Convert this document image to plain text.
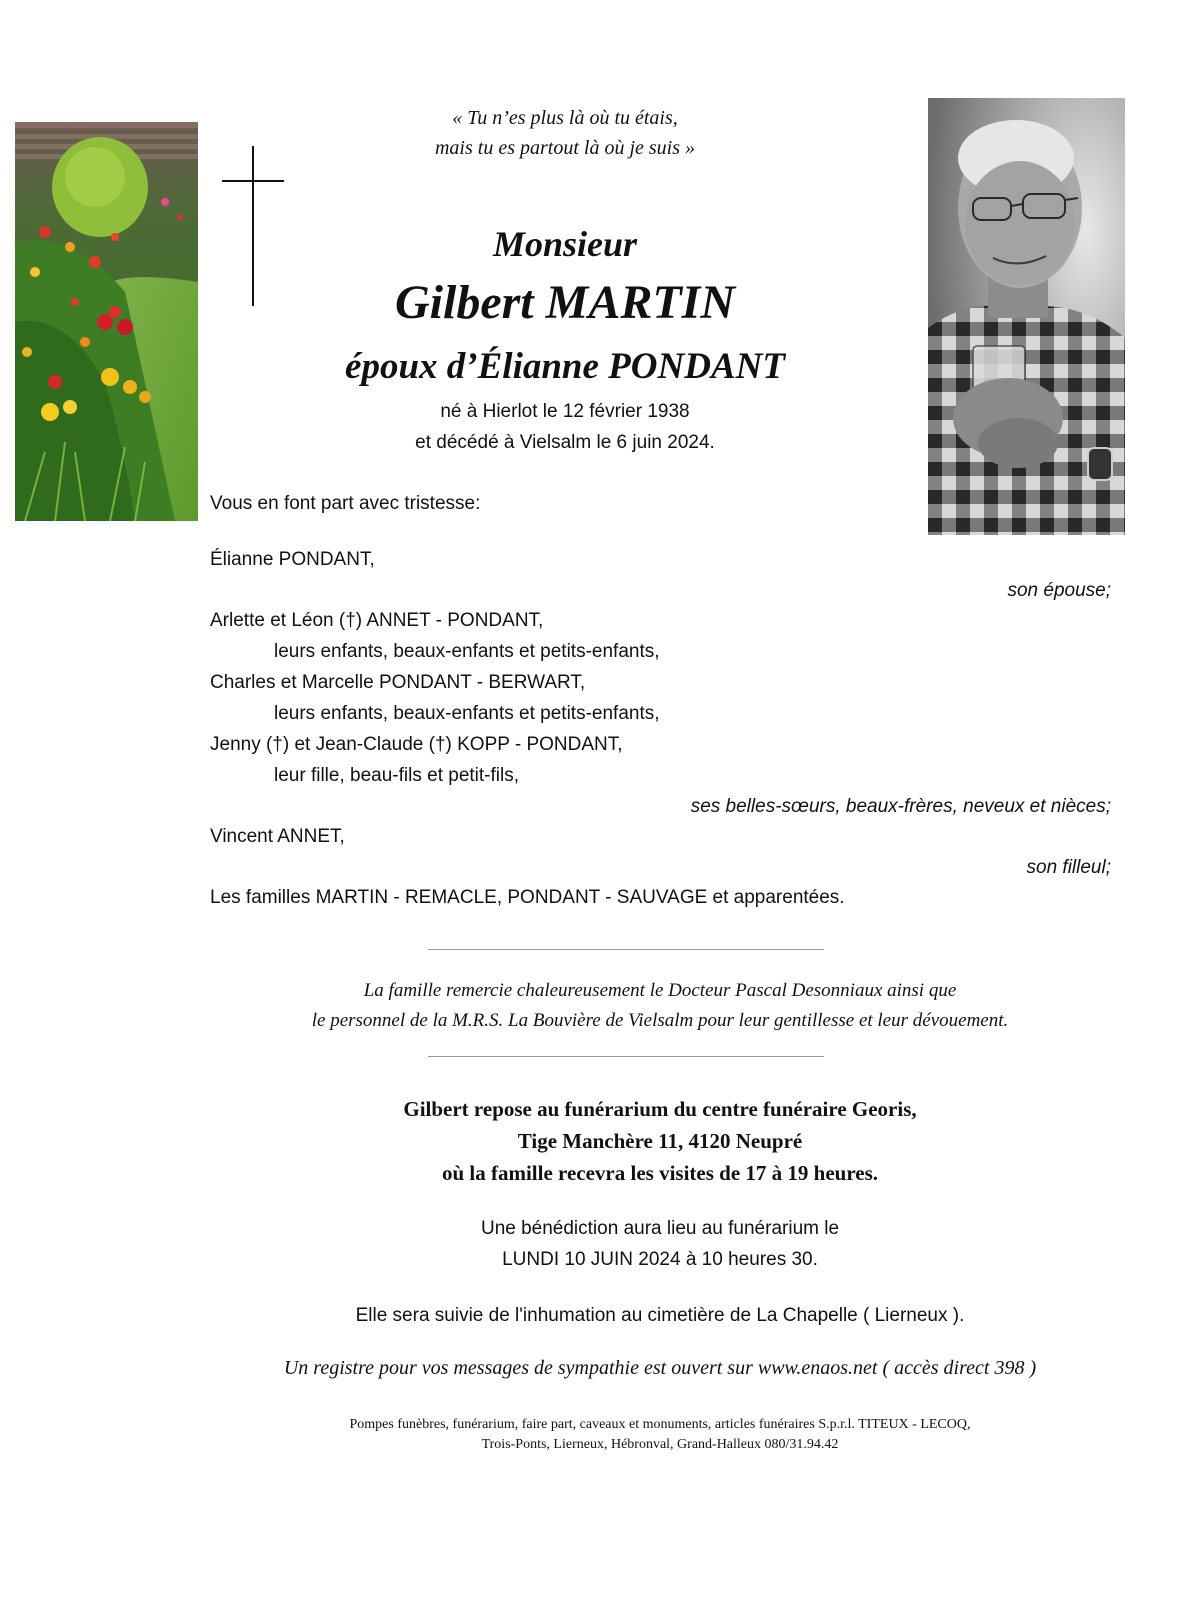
« Tu n’es plus là où tu étais,
mais tu es partout là où je suis »
Monsieur
Gilbert MARTIN
époux d’Élianne PONDANT
né à Hierlot le 12 février 1938
et décédé à Vielsalm le 6 juin 2024.
Vous en font part avec tristesse:
Élianne PONDANT,
son épouse;
Arlette et Léon (†) ANNET - PONDANT,
leurs enfants, beaux-enfants et petits-enfants,
Charles et Marcelle PONDANT - BERWART,
leurs enfants, beaux-enfants et petits-enfants,
Jenny (†) et Jean-Claude (†) KOPP - PONDANT,
leur fille, beau-fils et petit-fils,
ses belles-sœurs, beaux-frères, neveux et nièces;
Vincent ANNET,
son filleul;
Les familles MARTIN - REMACLE, PONDANT - SAUVAGE et apparentées.
La famille remercie chaleureusement le Docteur Pascal Desonniaux ainsi que
le personnel de la M.R.S. La Bouvière de Vielsalm pour leur gentillesse et leur dévouement.
Gilbert repose au funérarium du centre funéraire Georis,
Tige Manchère 11, 4120 Neupré
où la famille recevra les visites de 17 à 19 heures.
Une bénédiction aura lieu au funérarium le
LUNDI 10 JUIN 2024 à 10 heures 30.
Elle sera suivie de l'inhumation au cimetière de La Chapelle ( Lierneux ).
Un registre pour vos messages de sympathie est ouvert sur www.enaos.net ( accès direct 398 )
Pompes funèbres, funérarium, faire part, caveaux et monuments, articles funéraires S.p.r.l. TITEUX - LECOQ,
Trois-Ponts, Lierneux, Hébronval, Grand-Halleux 080/31.94.42
